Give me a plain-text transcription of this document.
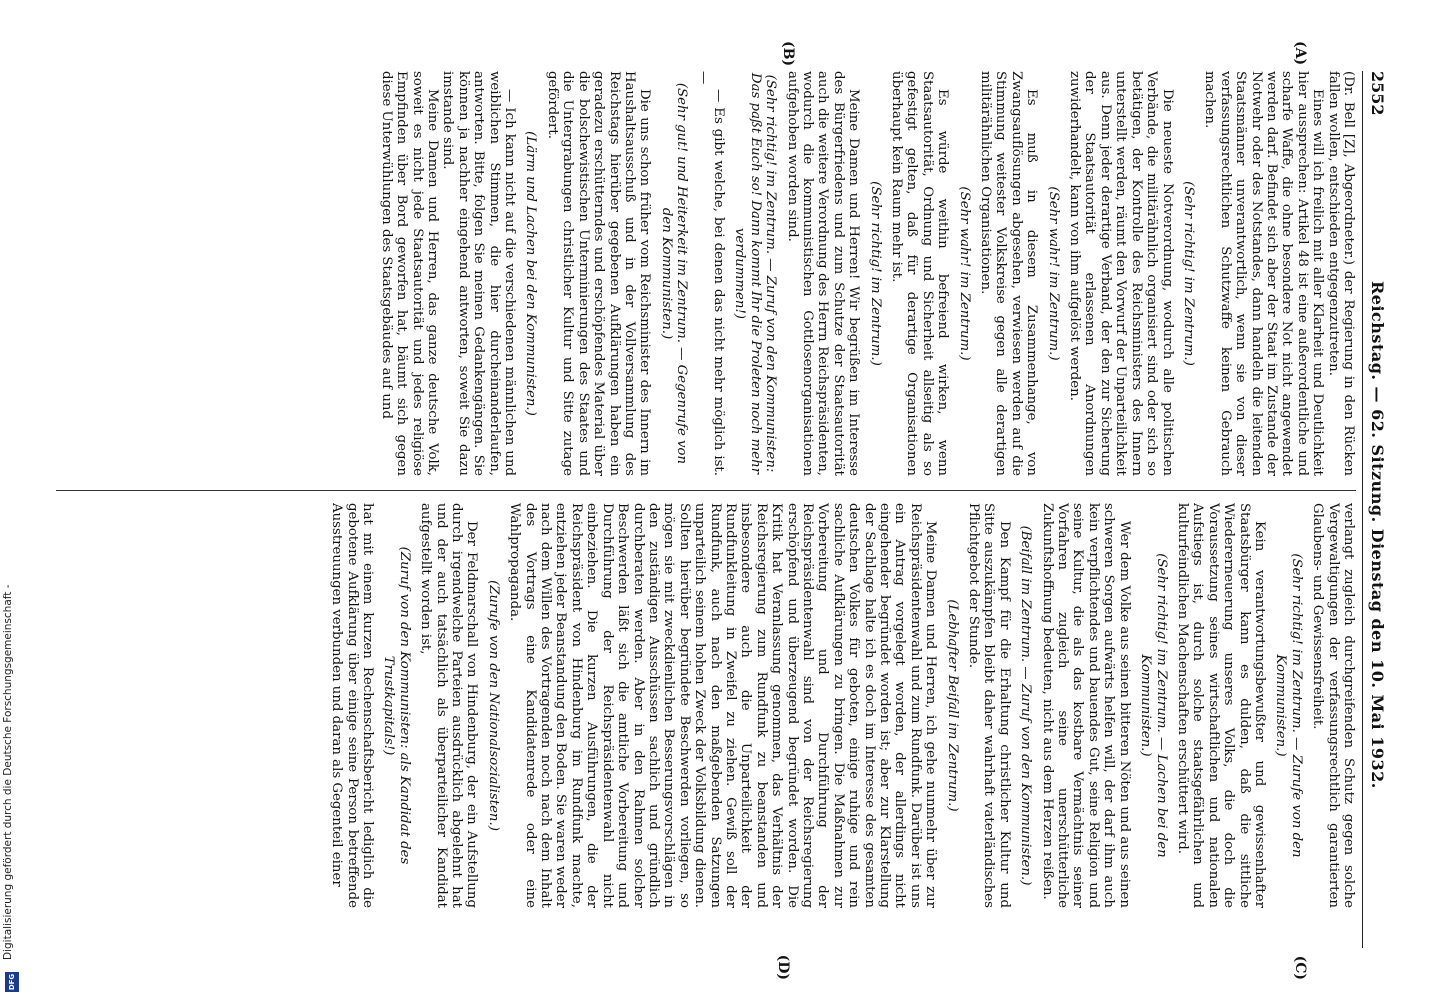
2552
Reichstag. — 62. Sitzung. Dienstag den 10. Mai 1932.
(A)
(B)
(C)
(D)

(Dr. Bell [Z], Abgeordneter.) der Regierung in den Rücken fallen wollen, entschieden entgegenzutreten.

Eines will ich freilich mit aller Klarheit und Deutlichkeit hier aussprechen: Artikel 48 ist eine außerordentliche und scharfe Waffe, die ohne besondere Not nicht angewendet werden darf. Befindet sich aber der Staat im Zustande der Notwehr oder des Notstandes, dann handeln die leitenden Staatsmänner unverantwortlich, wenn sie von dieser verfassungsrechtlichen Schutzwaffe keinen Gebrauch machen.

(Sehr richtig! im Zentrum.)

Die neueste Notverordnung, wodurch alle politischen Verbände, die militärähnlich organisiert sind oder sich so betätigen, der Kontrolle des Reichsministers des Innern unterstellt werden, räumt den Vorwurf der Unparteilichkeit aus. Denn jeder derartige Verband, der den zur Sicherung der Staatsautorität erlassenen Anordnungen zuwiderhandelt, kann von ihm aufgelöst werden.

(Sehr wahr! im Zentrum.)

Es muß in diesem Zusammenhange, von Zwangsauflösungen abgesehen, verwiesen werden auf die Stimmung weitester Volkskreise gegen alle derartigen militärähnlichen Organisationen.

(Sehr wahr! im Zentrum.)

Es würde weithin befreiend wirken, wenn Staatsautorität, Ordnung und Sicherheit allseitig als so gefestigt gelten, daß für derartige Organisationen überhaupt kein Raum mehr ist.

(Sehr richtig! im Zentrum.)

Meine Damen und Herren! Wir begrüßen im Interesse des Bürgerfriedens und zum Schutze der Staatsautorität auch die weitere Verordnung des Herrn Reichspräsidenten, wodurch die kommunistischen Gottlosenorganisationen aufgehoben worden sind.

(Sehr richtig! im Zentrum. — Zuruf von den Kommunisten: Das paßt Euch so! Dann kommt Ihr die Proleten noch mehr verdummen!)

— Es gibt welche, bei denen das nicht mehr möglich ist. —

(Sehr gut! und Heiterkeit im Zentrum. — Gegenrufe von den Kommunisten.)

Die uns schon früher vom Reichsminister des Innern im Haushaltsausschuß und in der Vollversammlung des Reichstags hierüber gegebenen Aufklärungen haben ein geradezu erschütterndes und erschöpfendes Material über die bolschewistischen Unterminierungen des Staates und die Untergrabungen christlicher Kultur und Sitte zutage gefördert.

(Lärm und Lachen bei den Kommunisten.)

— Ich kann nicht auf die verschiedenen männlichen und weiblichen Stimmen, die hier durcheinanderlaufen, antworten. Bitte, folgen Sie meinen Gedankengängen. Sie können ja nachher eingehend antworten, soweit Sie dazu imstande sind.

Meine Damen und Herren, das ganze deutsche Volk, soweit es nicht jede Staatsautorität und jedes religiöse Empfinden über Bord geworfen hat, bäumt sich gegen diese Unterwühlungen des Staatsgebäudes auf und

verlangt zugleich durchgreifenden Schutz gegen solche Vergewaltigungen der verfassungsrechtlich garantierten Glaubens- und Gewissensfreiheit.

(Sehr richtig! im Zentrum. — Zurufe von den Kommunisten.)

Kein verantwortungsbewußter und gewissenhafter Staatsbürger kann es dulden, daß die sittliche Wiedererneuerung unseres Volks, die doch die Voraussetzung seines wirtschaftlichen und nationalen Aufstiegs ist, durch solche staatsgefährlichen und kulturfeindlichen Machenschaften erschüttert wird.

(Sehr richtig! im Zentrum. — Lachen bei den Kommunisten.)

Wer dem Volke aus seinen bitteren Nöten und aus seinen schweren Sorgen aufwärts helfen will, der darf ihm auch kein verpflichtendes und bauendes Gut, seine Religion und seine Kultur, die als das kostbare Vermächtnis seiner Vorfahren zugleich seine unerschütterliche Zukunftshoffnung bedeuten, nicht aus dem Herzen reißen.

(Beifall im Zentrum. — Zuruf von den Kommunisten.)

Den Kampf für die Erhaltung christlicher Kultur und Sitte auszukämpfen bleibt daher wahrhaft vaterländisches Pflichtgebot der Stunde.

(Lebhafter Beifall im Zentrum.)

Meine Damen und Herren, ich gehe nunmehr über zur Reichspräsidentenwahl und zum Rundfunk. Darüber ist uns ein Antrag vorgelegt worden, der allerdings nicht eingehender begründet worden ist; aber zur Klarstellung der Sachlage halte ich es doch im Interesse des gesamten deutschen Volkes für geboten, einige ruhige und rein sachliche Aufklärungen zu bringen. Die Maßnahmen zur Vorbereitung und Durchführung der Reichspräsidentenwahl sind von der Reichsregierung erschöpfend und überzeugend begründet worden. Die Kritik hat Veranlassung genommen, das Verhältnis der Reichsregierung zum Rundfunk zu beanstanden und insbesondere auch die Unparteilichkeit der Rundfunkleitung in Zweifel zu ziehen. Gewiß soll der Rundfunk, auch nach den maßgebenden Satzungen unparteilich seinem hohen Zweck der Volksbildung dienen. Sollten hierüber begründete Beschwerden vorliegen, so mögen sie mit zweckdienlichen Besserungsvorschlägen in den zuständigen Ausschüssen sachlich und gründlich durchberaten werden. Aber in den Rahmen solcher Beschwerden läßt sich die amtliche Vorbereitung und Durchführung der Reichspräsidentenwahl nicht einbeziehen. Die kurzen Ausführungen, die der Reichspräsident von Hindenburg im Rundfunk machte, entziehen jeder Beanstandung den Boden. Sie waren weder nach dem Willen des Vortragenden noch nach dem Inhalt des Vortrags eine Kandidatenrede oder eine Wahlpropaganda.

(Zurufe von den Nationalsozialisten.)

Der Feldmarschall von Hindenburg, der ein Aufstellung durch irgendwelche Parteien ausdrücklich abgelehnt hat und der auch tatsächlich als überparteilicher Kandidat aufgestellt worden ist,

(Zuruf von den Kommunisten: als Kandidat des Trustkapitals!)

hat mit einem kurzen Rechenschaftsbericht lediglich die gebotene Aufklärung über einige seine Person betreffende Ausstreuungen verbunden und daran als Gegenteil einer

Digitalisierung gefördert durch die Deutsche Forschungsgemeinschaft -
DFG
